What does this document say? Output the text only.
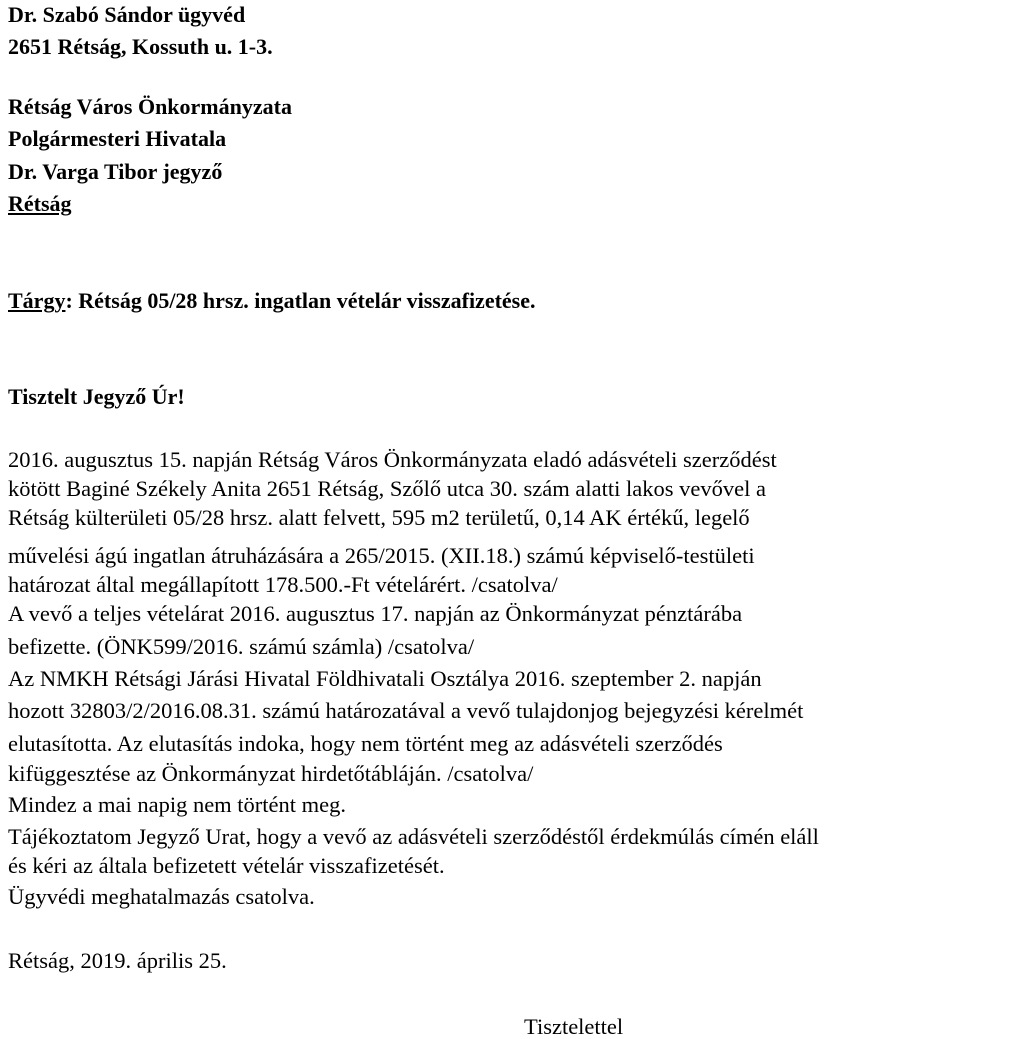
Dr. Szabó Sándor ügyvéd
2651 Rétság, Kossuth u. 1-3.
Rétság Város Önkormányzata
Polgármesteri Hivatala
Dr. Varga Tibor jegyző
Rétság
Tárgy: Rétság 05/28 hrsz. ingatlan vételár visszafizetése.
Tisztelt Jegyző Úr!
2016. augusztus 15. napján Rétság Város Önkormányzata eladó adásvételi szerződést
kötött Baginé Székely Anita 2651 Rétság, Szőlő utca 30. szám alatti lakos vevővel a
Rétság külterületi 05/28 hrsz. alatt felvett, 595 m2 területű, 0,14 AK értékű, legelő
művelési ágú ingatlan átruházására a 265/2015. (XII.18.) számú képviselő-testületi
határozat által megállapított 178.500.-Ft vételárért. /csatolva/
A vevő a teljes vételárat 2016. augusztus 17. napján az Önkormányzat pénztárába
befizette. (ÖNK599/2016. számú számla) /csatolva/
Az NMKH Rétsági Járási Hivatal Földhivatali Osztálya 2016. szeptember 2. napján
hozott 32803/2/2016.08.31. számú határozatával a vevő tulajdonjog bejegyzési kérelmét
elutasította. Az elutasítás indoka, hogy nem történt meg az adásvételi szerződés
kifüggesztése az Önkormányzat hirdetőtábláján. /csatolva/
Mindez a mai napig nem történt meg.
Tájékoztatom Jegyző Urat, hogy a vevő az adásvételi szerződéstől érdekmúlás címén eláll
és kéri az általa befizetett vételár visszafizetését.
Ügyvédi meghatalmazás csatolva.
Rétság, 2019. április 25.
Tisztelettel
